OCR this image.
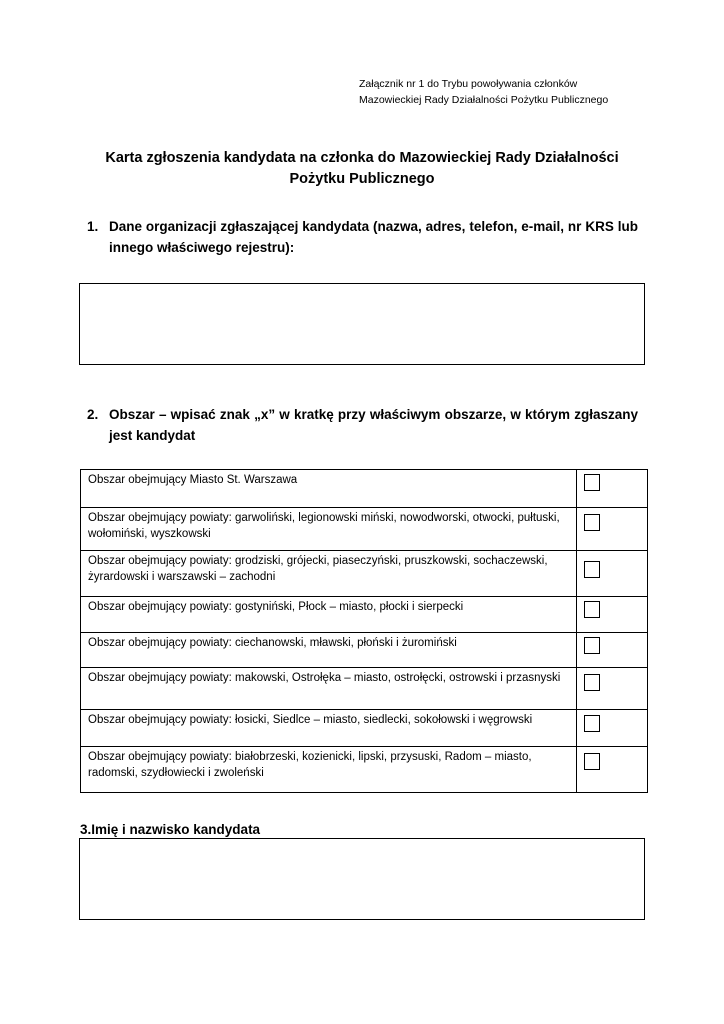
Załącznik nr 1 do Trybu powoływania członków
Mazowieckiej Rady Działalności Pożytku Publicznego
Karta zgłoszenia kandydata na członka do Mazowieckiej Rady Działalności
Pożytku Publicznego
1. Dane organizacji zgłaszającej kandydata (nazwa, adres, telefon, e-mail, nr KRS lub innego właściwego rejestru):
2. Obszar – wpisać znak „x” w kratkę przy właściwym obszarze, w którym zgłaszany jest kandydat
Obszar obejmujący Miasto St. Warszawa	

Obszar obejmujący powiaty: garwoliński, legionowski miński, nowodworski, otwocki, pułtuski, wołomiński, wyszkowski	

Obszar obejmujący powiaty: grodziski, grójecki, piaseczyński, pruszkowski, sochaczewski, żyrardowski i warszawski – zachodni	

Obszar obejmujący powiaty: gostyniński, Płock – miasto, płocki i sierpecki	

Obszar obejmujący powiaty: ciechanowski, mławski, płoński i żuromiński	

Obszar obejmujący powiaty: makowski, Ostrołęka – miasto, ostrołęcki, ostrowski i przasnyski	

Obszar obejmujący powiaty: łosicki, Siedlce – miasto, siedlecki, sokołowski i węgrowski	

Obszar obejmujący powiaty: białobrzeski, kozienicki, lipski, przysuski, Radom – miasto, radomski, szydłowiecki i zwoleński	
3.Imię i nazwisko kandydata
